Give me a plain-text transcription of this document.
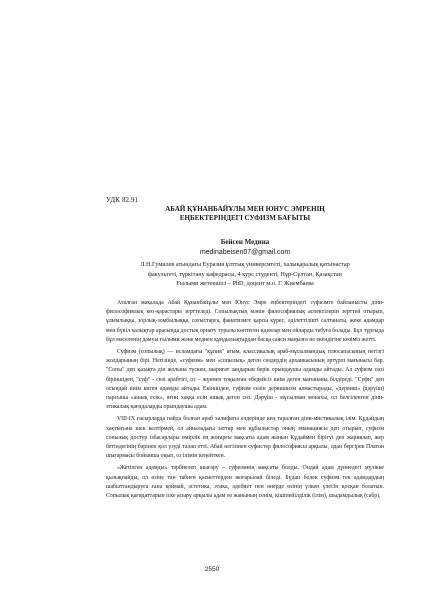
УДК 82.91
АБАЙ ҚҰНАНБАЙҰЛЫ МЕН ЮНУС ЭМРЕНІҢ
ЕҢБЕКТЕРІНДЕГІ СУФИЗМ БАҒЫТЫ
Бейсен Медина
medinabeisen07@gmail.com
Л.Н.Гумилев атындағы Еуразия ұлттық университеті, халықаралық қатынастар
факультеті, түркітану кафедрасы, 4 курс студенті, Нұр-Сұлтан, Қазақстан
Ғылыми жетекшісі – PhD, доцент м.о. Г. Жиембаева

Аталған мақалада Абай Құнанбайұлы мен Юнус Эмре еңбектеріндегі суфизмге байланысты діни-философиялық көз-қарастары зерттеледі. Сопылықтың мәнін философиялық аспектілерін зерттей отырып, ұлымлыққа, зорлық-зомбылыққа, соғыстарға, фанатизмге қарсы күрес, әділеттілікті салтанаты, жеке адамдар мен бүкіл халықтар арасында достық орнату туралы көптеген идеялар мен ойларды табуға болады. Бұл тұрғыда бұл мәселенің дамуы ғылыми және медиен құндылықтардан басқа саяси маңызға не екендігіне көзіміз жетті.

Суфизм (сопылық) — исламдағы "құпия" ағым, классикалық араб-мұсылмандық плюсапасының негізгі жолдарының бірі. Негізінде, «суфизм» мен «сопылық» деген сөздердің архаикасының әртүрлі мағынасы бар. "Сопы" деп қазақта дін жолына түскен, шариғат заңдарын берік орындаушы адамды айтады. Ал суфизм сөзі біріншіден, "суф" - сөзі арабтігі, оз – жүннен тоқылған ебедейсіз киім деген мағынаны білдіреді. "Суфи" деп осындай киім киген адамды айтады. Екіншіден, суфизм сөзін дервишизм алмастырады, «дервиш» (дәрүіш) парсыша «ашық есік», яғни хаққа есін ашық деген сөз. Дәрүіш - мұсылман монахы, ол белгіленген діни-этикалық қағидаларды орындаушы адам.

VIII-IX ғасырларда пайда болған араб халифаты елдерінде кең таралған діни-мистикалық ілім. Құдайдың хақтығына шек келтірмей, ол айналадағы заттар мен құбылыстар оның эманациясы деп отырып, суфизм сопылық достур ізбасарлары өмірлік ең жоғарғы мақсаты адам жанын Құдаймен бірігуі деп жариялап, жер бетіндегінің бәрінен қол үзуді талап етті. Абай негізінен суфистер философиясы арқылы, одан бергірек Платон шығармасы бойынша оқып, оз ілімін кеңейткен.

«Жетілген адамды» тәрбиелеп шығару – суфизмнің мақсаты болды. Ондай адам дүниедегі мүлікке қызықпайды, ол өзіне тән табиғи қасиеттерден жоғарылай біледі. Бүдан болек суфизм тек адамдардың шабыттандыруға ғана қоймай, эстетика, этика, әдебиет пен өнерде өзінің үлкен үлесін қосқан болатын. Сопылық қағидаттарын іске асыру арқылы адам өз жанының сенім, кішіпейілділік (ілім), шыдамдылық (сабр),

2550
